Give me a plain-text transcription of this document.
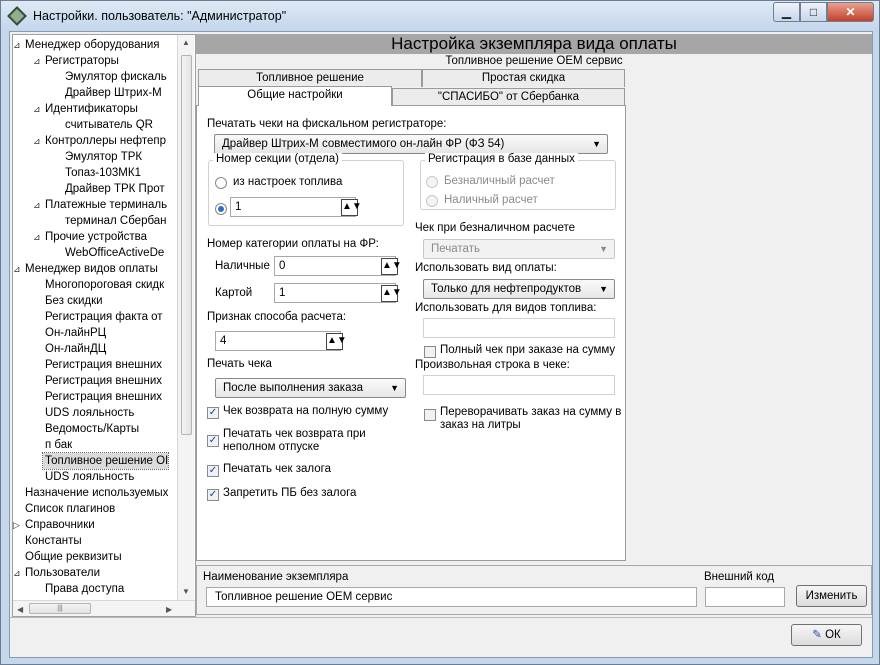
Настройки. пользователь: "Администратор"	▁	□	✕
⊿ Менеджер оборудования
⊿ Регистраторы
Эмулятор фискаль
Драйвер Штрих-М
⊿ Идентификаторы
считыватель QR
⊿ Контроллеры нефтепр
Эмулятор ТРК
Топаз-103МК1
Драйвер ТРК Прот
⊿ Платежные терминаль
терминал Сбербан
⊿ Прочие устройства
WebOfficeActiveDe
⊿ Менеджер видов оплаты
Многопороговая скидк
Без скидки
Регистрация факта от
Он-лайнРЦ
Он-лайнДЦ
Регистрация внешних
Регистрация внешних
Регистрация внешних
UDS лояльность
Ведомость/Карты
п бак
Топливное решение OI
UDS лояльность
Назначение используемых
Список плагинов
▷ Справочники
Константы
Общие реквизиты
⊿ Пользователи
Права доступа
▲
▼
◀	|||	▶
Настройка экземпляра вида оплаты
Топливное решение ОЕМ сервис
Топливное решение	Простая скидка
Общие настройки	"СПАСИБО" от Сбербанка
Печатать чеки на фискальном регистраторе:
Драйвер Штрих-М совместимого он-лайн ФР (ФЗ 54)	▼
Номер секции (отдела)
из настроек топлива
1	▲▼
Регистрация в базе данных
Безналичный расчет
Наличный расчет
Номер категории оплаты на ФР:
Наличные 0	▲▼
Картой	1	▲▼
Чек при безналичном расчете
Печатать	▼
Использовать вид оплаты:
Только для нефтепродуктов ▼
Использовать для видов топлива:
Полный чек при заказе на сумму
Произвольная строка в чеке:
Переворачивать заказ на сумму в заказ на литры
Признак способа расчета:
4	▲▼
Печать чека
После выполнения заказа	▼
✓ Чек возврата на полную сумму
✓
Печатать чек возврата при неполном отпуске
✓ Печатать чек залога
✓ Запретить ПБ без залога
Наименование экземпляра
Топливное решение ОЕМ сервис
Внешний код
Изменить
✎ ОК
